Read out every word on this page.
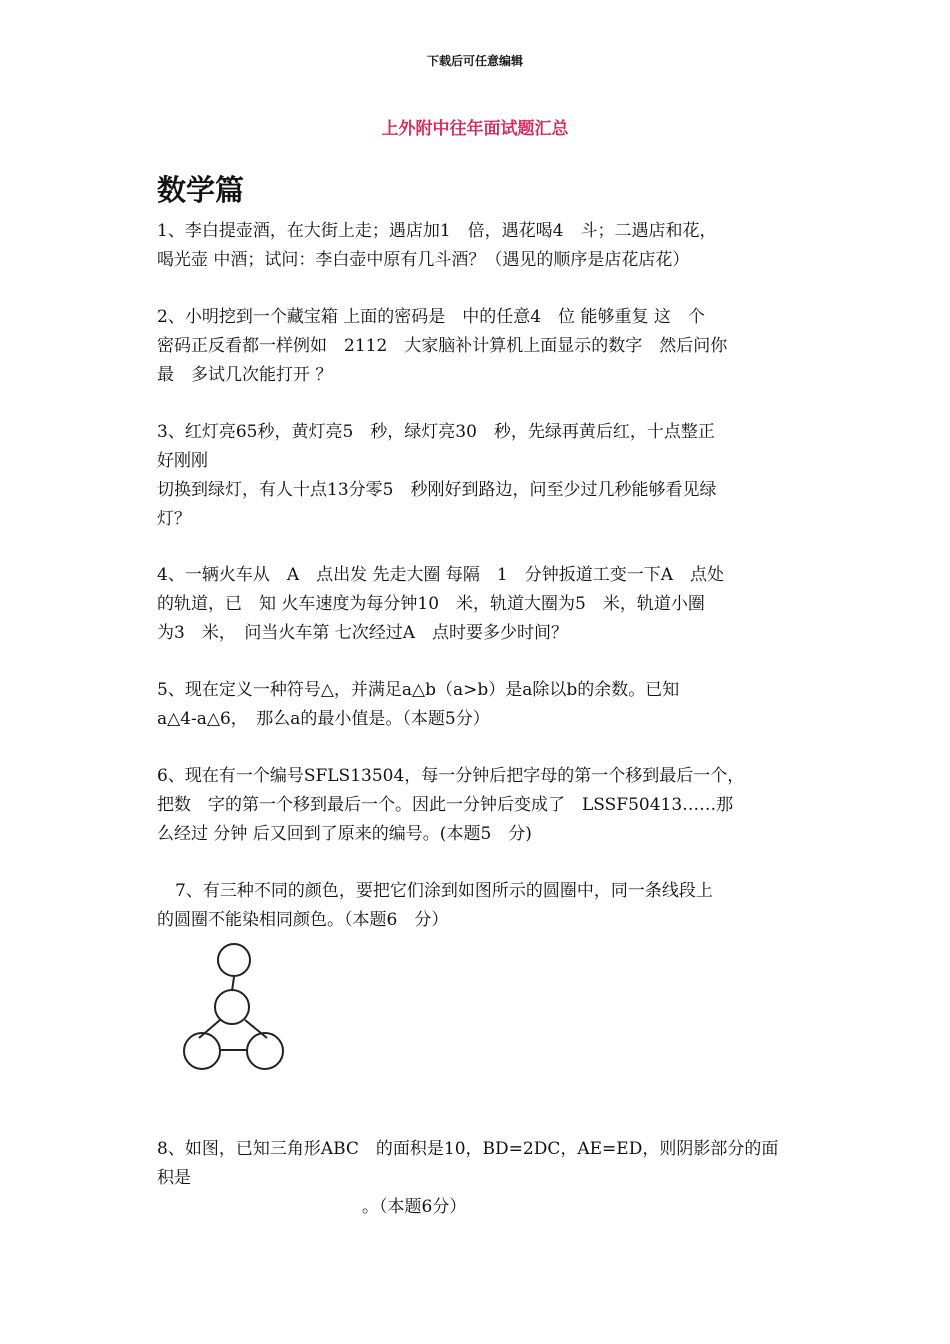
下载后可任意编辑
上外附中往年面试题汇总
数学篇
1、李白提壶酒，在大街上走；遇店加1　倍，遇花喝4　斗；二遇店和花，
喝光壶 中酒；试问：李白壶中原有几斗酒？（遇见的顺序是店花店花）
2、小明挖到一个藏宝箱 上面的密码是　中的任意4　位 能够重复 这　个
密码正反看都一样例如　2112　大家脑补计算机上面显示的数字　然后问你
最　多试几次能打开 ？
3、红灯亮65秒，黄灯亮5　秒，绿灯亮30　秒，先绿再黄后红，十点整正
好刚刚
切换到绿灯，有人十点13分零5　秒刚好到路边，问至少过几秒能够看见绿
灯？
4、一辆火车从　A　点出发 先走大圈 每隔　1　分钟扳道工变一下A　点处
的轨道，已　知 火车速度为每分钟10　米，轨道大圈为5　米，轨道小圈
为3　米，　问当火车第 七次经过A　点时要多少时间？
5、现在定义一种符号△，并满足a△b（a>b）是a除以b的余数。已知
a△4-a△6，　那么a的最小值是。（本题5分）
6、现在有一个编号SFLS13504，每一分钟后把字母的第一个移到最后一个，
把数　字的第一个移到最后一个。因此一分钟后变成了　LSSF50413……那
么经过 分钟 后又回到了原来的编号。(本题5　分)
7、有三种不同的颜色，要把它们涂到如图所示的圆圈中，同一条线段上
的圆圈不能染相同颜色。（本题6　分）
8、如图，已知三角形ABC　的面积是10，BD=2DC，AE=ED，则阴影部分的面
积是
。（本题6分）
